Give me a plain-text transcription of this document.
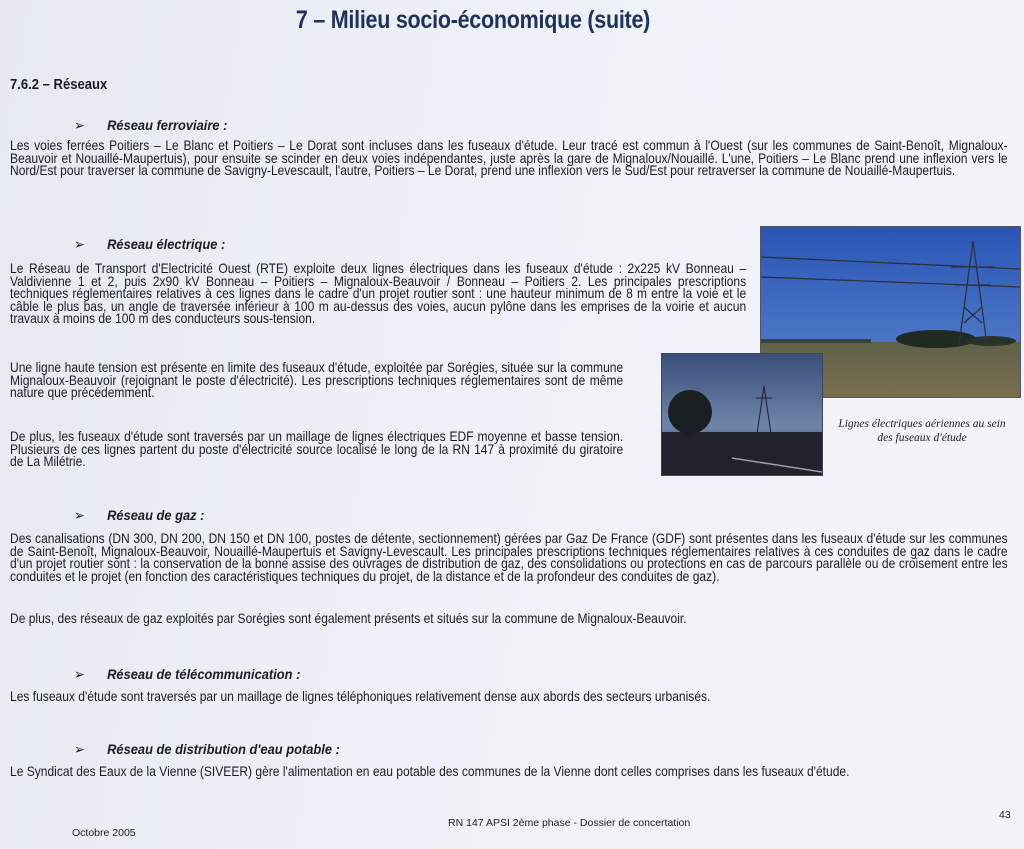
7 – Milieu socio-économique (suite)
7.6.2 – Réseaux
➢ Réseau ferroviaire :
Les voies ferrées Poitiers – Le Blanc et Poitiers – Le Dorat sont incluses dans les fuseaux d'étude. Leur tracé est commun à l'Ouest (sur les communes de Saint-Benoît, Mignaloux-Beauvoir et Nouaillé-Maupertuis), pour ensuite se scinder en deux voies indépendantes, juste après la gare de Mignaloux/Nouaillé. L'une, Poitiers – Le Blanc prend une inflexion vers le Nord/Est pour traverser la commune de Savigny-Levescault, l'autre, Poitiers – Le Dorat, prend une inflexion vers le Sud/Est pour retraverser la commune de Nouaillé-Maupertuis.
➢ Réseau électrique :
Le Réseau de Transport d'Electricité Ouest (RTE) exploite deux lignes électriques dans les fuseaux d'étude : 2x225 kV Bonneau – Valdivienne 1 et 2, puis 2x90 kV Bonneau – Poitiers – Mignaloux-Beauvoir / Bonneau – Poitiers 2. Les principales prescriptions techniques réglementaires relatives à ces lignes dans le cadre d'un projet routier sont : une hauteur minimum de 8 m entre la voie et le câble le plus bas, un angle de traversée inférieur à 100 m au-dessus des voies, aucun pylône dans les emprises de la voirie et aucun travaux à moins de 100 m des conducteurs sous-tension.
Une ligne haute tension est présente en limite des fuseaux d'étude, exploitée par Sorégies, située sur la commune Mignaloux-Beauvoir (rejoignant le poste d'électricité). Les prescriptions techniques réglementaires sont de même nature que précédemment.
De plus, les fuseaux d'étude sont traversés par un maillage de lignes électriques EDF moyenne et basse tension. Plusieurs de ces lignes partent du poste d'électricité source localisé le long de la RN 147 à proximité du giratoire de La Milétrie.
Lignes électriques aériennes au sein des fuseaux d'étude
➢ Réseau de gaz :
Des canalisations (DN 300, DN 200, DN 150 et DN 100, postes de détente, sectionnement) gérées par Gaz De France (GDF) sont présentes dans les fuseaux d'étude sur les communes de Saint-Benoît, Mignaloux-Beauvoir, Nouaillé-Maupertuis et Savigny-Levescault. Les principales prescriptions techniques réglementaires relatives à ces conduites de gaz dans le cadre d'un projet routier sont : la conservation de la bonne assise des ouvrages de distribution de gaz, des consolidations ou protections en cas de parcours parallèle ou de croisement entre les conduites et le projet (en fonction des caractéristiques techniques du projet, de la distance et de la profondeur des conduites de gaz).
De plus, des réseaux de gaz exploités par Sorégies sont également présents et situés sur la commune de Mignaloux-Beauvoir.
➢ Réseau de télécommunication :
Les fuseaux d'étude sont traversés par un maillage de lignes téléphoniques relativement dense aux abords des secteurs urbanisés.
➢ Réseau de distribution d'eau potable :
Le Syndicat des Eaux de la Vienne (SIVEER) gère l'alimentation en eau potable des communes de la Vienne dont celles comprises dans les fuseaux d'étude.
Octobre 2005
RN 147 APSI 2ème phase - Dossier de concertation
43
